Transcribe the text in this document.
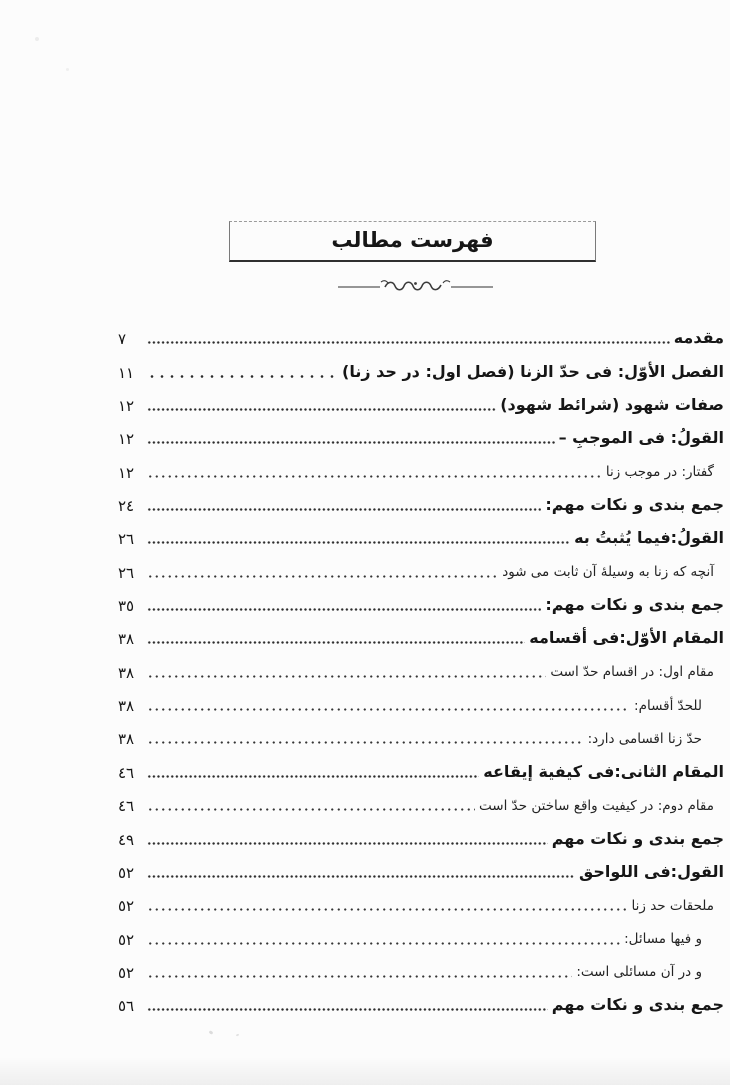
فهرست مطالب
مقدمه
٧
الفصل الأوّل: فى حدّ الزنا (فصل اول: در حد زنا)
١١
صفات شهود (شرائط شهود)
١٢
القولُ: فى الموجبِ –
١٢
گفتار: در موجب زنا
١٢
جمع بندى و نكات مهم:
٢٤
القولُ:فيما يُثبتُ به
٢٦
آنچه كه زنا به وسيلهٔ آن ثابت مى شود
٢٦
جمع بندى و نكات مهم:
٣٥
المقام الأوّل:فى أقسامه
٣٨
مقام اول: در اقسام حدّ است
٣٨
للحدّ أقسام:
٣٨
حدّ زنا اقسامى دارد:
٣٨
المقام الثانى:فى كيفية إيقاعه
٤٦
مقام دوم: در كيفيت واقع ساختن حدّ است
٤٦
جمع بندى و نكات مهم
٤٩
القول:فى اللواحق
٥٢
ملحقات حد زنا
٥٢
و فيها مسائل:
٥٢
و در آن مسائلى است:
٥٢
جمع بندى و نكات مهم
٥٦
